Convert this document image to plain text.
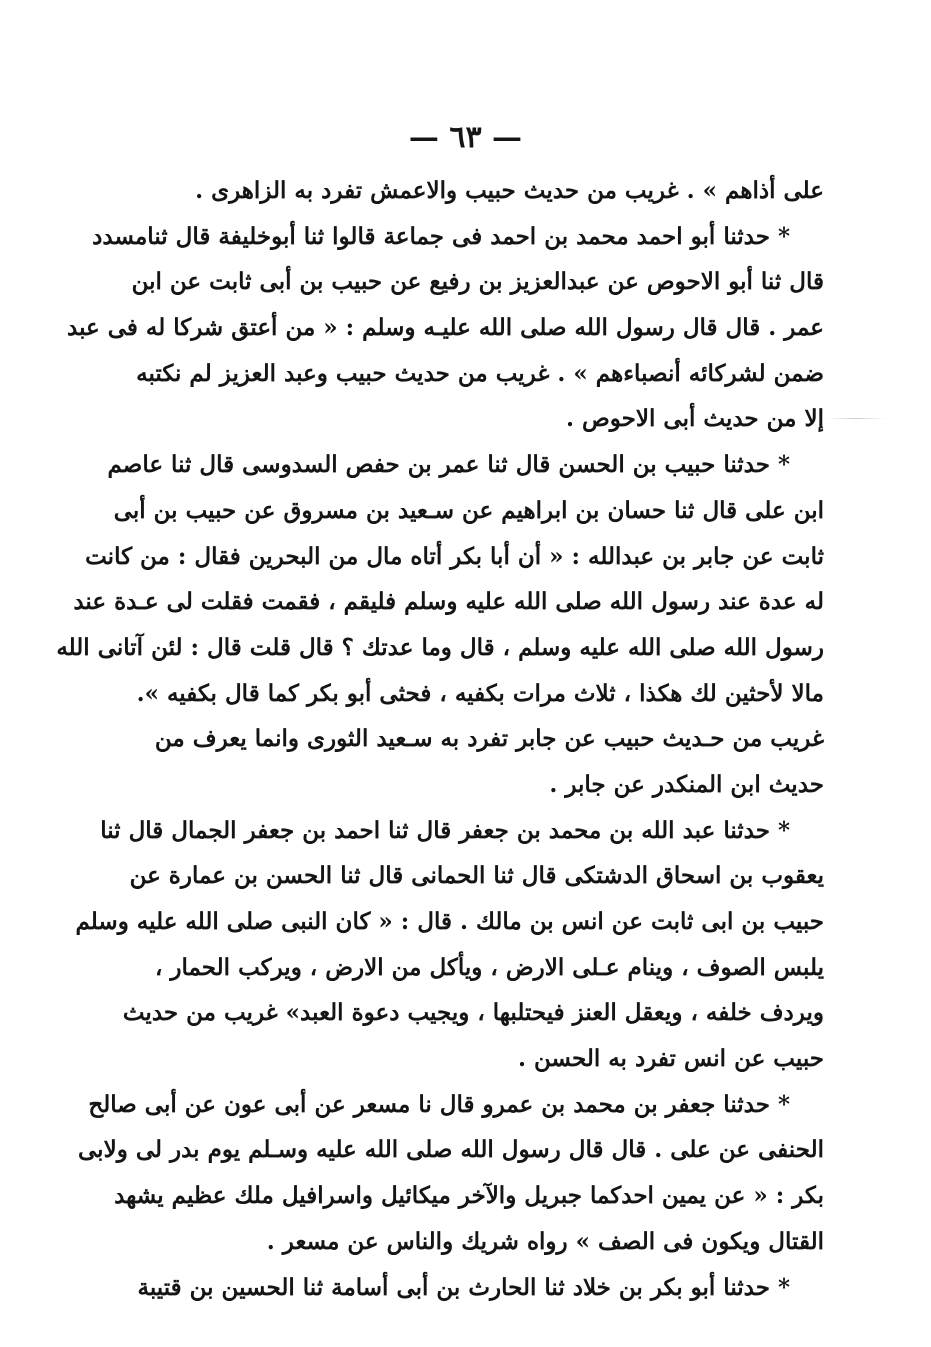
— ٦٣ —
على أذاهم » . غريب من حديث حبيب والاعمش تفرد به الزاهرى .
* حدثنا أبو احمد محمد بن احمد فى جماعة قالوا ثنا أبوخليفة قال ثنامسدد
قال ثنا أبو الاحوص عن عبدالعزيز بن رفيع عن حبيب بن أبى ثابت عن ابن
عمر . قال قال رسول الله صلى الله عليـه وسلم : « من أعتق شركا له فى عبد
ضمن لشركائه أنصباءهم » . غريب من حديث حبيب وعبد العزيز لم نكتبه
إلا من حديث أبى الاحوص .
* حدثنا حبيب بن الحسن قال ثنا عمر بن حفص السدوسى قال ثنا عاصم
ابن على قال ثنا حسان بن ابراهيم عن سـعيد بن مسروق عن حبيب بن أبى
ثابت عن جابر بن عبدالله : « أن أبا بكر أتاه مال من البحرين فقال : من كانت
له عدة عند رسول الله صلى الله عليه وسلم فليقم ، فقمت فقلت لى عـدة عند
رسول الله صلى الله عليه وسلم ، قال وما عدتك ؟ قال قلت قال : لئن آتانى الله
مالا لأحثين لك هكذا ، ثلاث مرات بكفيه ، فحثى أبو بكر كما قال بكفيه ».
غريب من حـديث حبيب عن جابر تفرد به سـعيد الثورى وانما يعرف من
حديث ابن المنكدر عن جابر .
* حدثنا عبد الله بن محمد بن جعفر قال ثنا احمد بن جعفر الجمال قال ثنا
يعقوب بن اسحاق الدشتكى قال ثنا الحمانى قال ثنا الحسن بن عمارة عن
حبيب بن ابى ثابت عن انس بن مالك . قال : « كان النبى صلى الله عليه وسلم
يلبس الصوف ، وينام عـلى الارض ، ويأكل من الارض ، ويركب الحمار ،
ويردف خلفه ، ويعقل العنز فيحتلبها ، ويجيب دعوة العبد» غريب من حديث
حبيب عن انس تفرد به الحسن .
* حدثنا جعفر بن محمد بن عمرو قال نا مسعر عن أبى عون عن أبى صالح
الحنفى عن على . قال قال رسول الله صلى الله عليه وسـلم يوم بدر لى ولابى
بكر : « عن يمين احدكما جبريل والآخر ميكائيل واسرافيل ملك عظيم يشهد
القتال ويكون فى الصف » رواه شريك والناس عن مسعر .
* حدثنا أبو بكر بن خلاد ثنا الحارث بن أبى أسامة ثنا الحسين بن قتيبة
